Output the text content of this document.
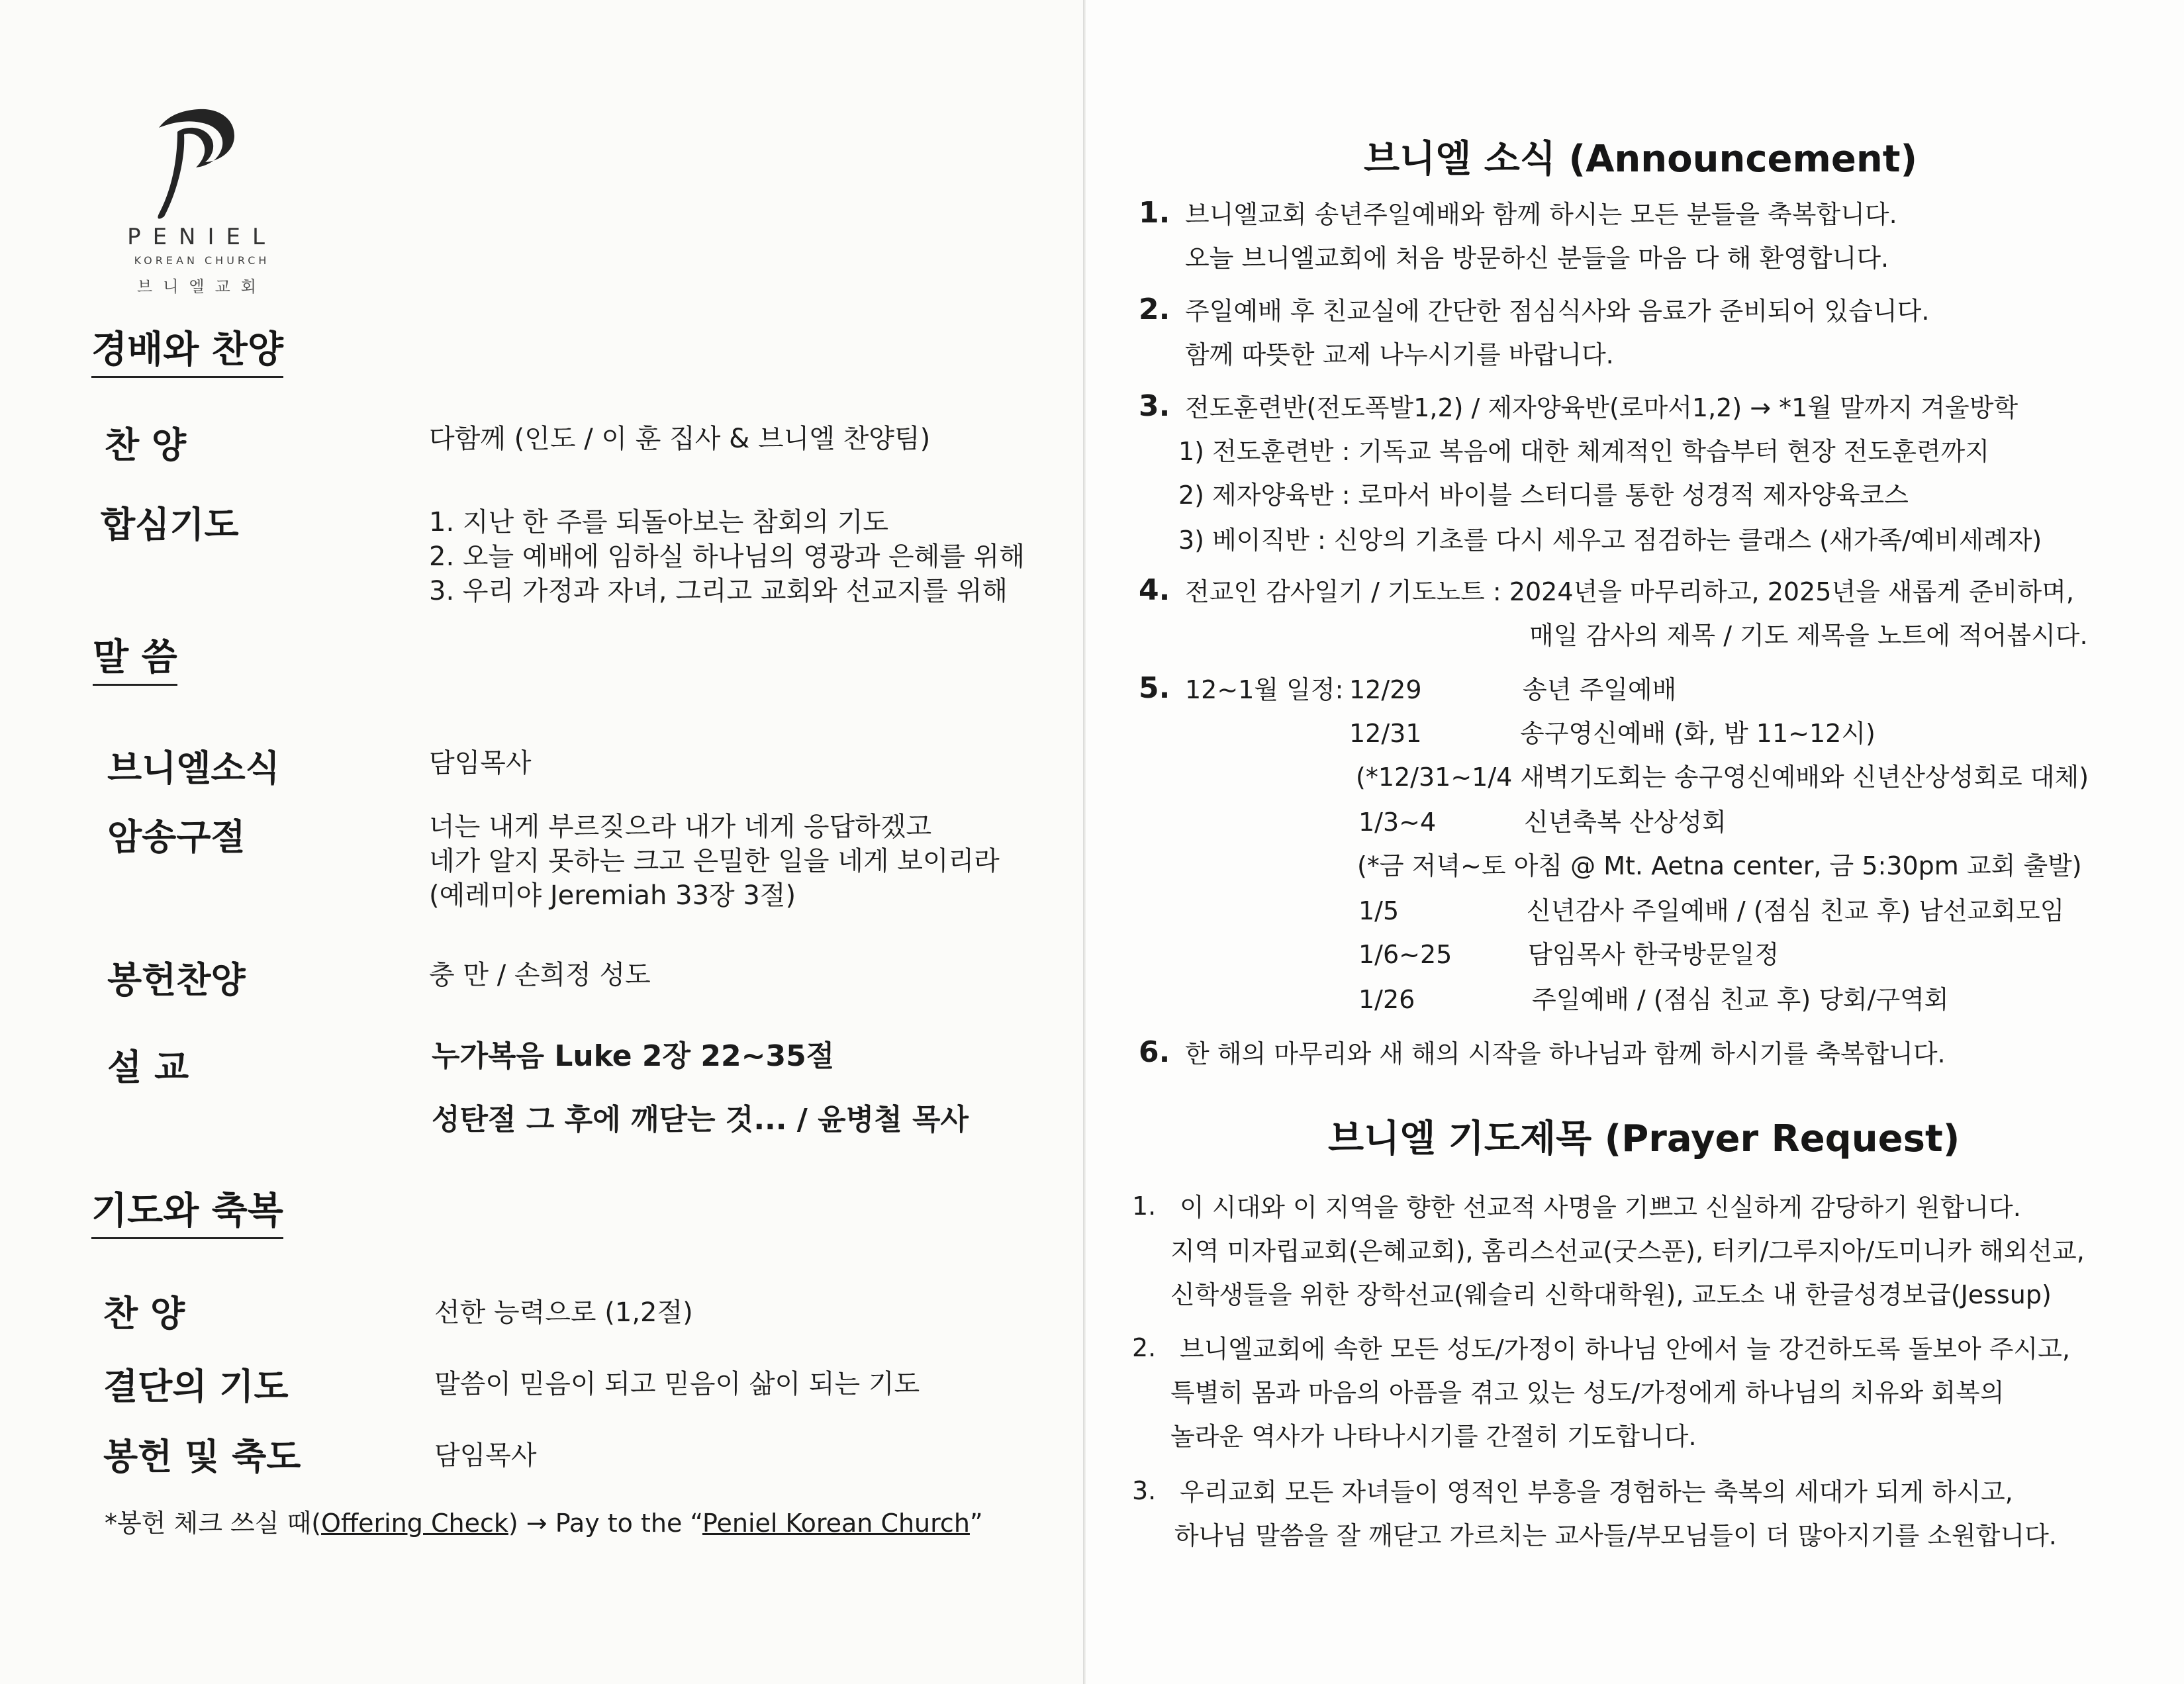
PENIEL
KOREAN CHURCH
브니엘교회
경배와 찬양
찬 양	다함께 (인도 / 이 훈 집사 & 브니엘 찬양팀)
합심기도	1. 지난 한 주를 되돌아보는 참회의 기도
2. 오늘 예배에 임하실 하나님의 영광과 은혜를 위해
3. 우리 가정과 자녀, 그리고 교회와 선교지를 위해
말 씀
브니엘소식	담임목사
암송구절	너는 내게 부르짖으라 내가 네게 응답하겠고
네가 알지 못하는 크고 은밀한 일을 네게 보이리라
(예레미야 Jeremiah 33장 3절)
봉헌찬양	충 만 / 손희정 성도
설 교	누가복음 Luke 2장 22~35절
성탄절 그 후에 깨닫는 것... / 윤병철 목사
기도와 축복
찬 양	선한 능력으로 (1,2절)
결단의 기도	말씀이 믿음이 되고 믿음이 삶이 되는 기도
봉헌 및 축도	담임목사
*봉헌 체크 쓰실 때(Offering Check) → Pay to the “Peniel Korean Church”
브니엘 소식 (Announcement)
1. 브니엘교회 송년주일예배와 함께 하시는 모든 분들을 축복합니다.
오늘 브니엘교회에 처음 방문하신 분들을 마음 다 해 환영합니다.
2. 주일예배 후 친교실에 간단한 점심식사와 음료가 준비되어 있습니다.
함께 따뜻한 교제 나누시기를 바랍니다.
3. 전도훈련반(전도폭발1,2) / 제자양육반(로마서1,2) → *1월 말까지 겨울방학
1) 전도훈련반 : 기독교 복음에 대한 체계적인 학습부터 현장 전도훈련까지
2) 제자양육반 : 로마서 바이블 스터디를 통한 성경적 제자양육코스
3) 베이직반 : 신앙의 기초를 다시 세우고 점검하는 클래스 (새가족/예비세례자)
4. 전교인 감사일기 / 기도노트 : 2024년을 마무리하고, 2025년을 새롭게 준비하며,
매일 감사의 제목 / 기도 제목을 노트에 적어봅시다.
5. 12~1월 일정: 12/29	송년 주일예배
12/31	송구영신예배 (화, 밤 11~12시)
(*12/31~1/4 새벽기도회는 송구영신예배와 신년산상성회로 대체)
1/3~4	신년축복 산상성회
(*금 저녁~토 아침 @ Mt. Aetna center, 금 5:30pm 교회 출발)
1/5	신년감사 주일예배 / (점심 친교 후) 남선교회모임
1/6~25	담임목사 한국방문일정
1/26	주일예배 / (점심 친교 후) 당회/구역회
6. 한 해의 마무리와 새 해의 시작을 하나님과 함께 하시기를 축복합니다.
브니엘 기도제목 (Prayer Request)
1. 이 시대와 이 지역을 향한 선교적 사명을 기쁘고 신실하게 감당하기 원합니다.
지역 미자립교회(은혜교회), 홈리스선교(굿스푼), 터키/그루지아/도미니카 해외선교,
신학생들을 위한 장학선교(웨슬리 신학대학원), 교도소 내 한글성경보급(Jessup)
2. 브니엘교회에 속한 모든 성도/가정이 하나님 안에서 늘 강건하도록 돌보아 주시고,
특별히 몸과 마음의 아픔을 겪고 있는 성도/가정에게 하나님의 치유와 회복의
놀라운 역사가 나타나시기를 간절히 기도합니다.
3. 우리교회 모든 자녀들이 영적인 부흥을 경험하는 축복의 세대가 되게 하시고,
하나님 말씀을 잘 깨닫고 가르치는 교사들/부모님들이 더 많아지기를 소원합니다.
